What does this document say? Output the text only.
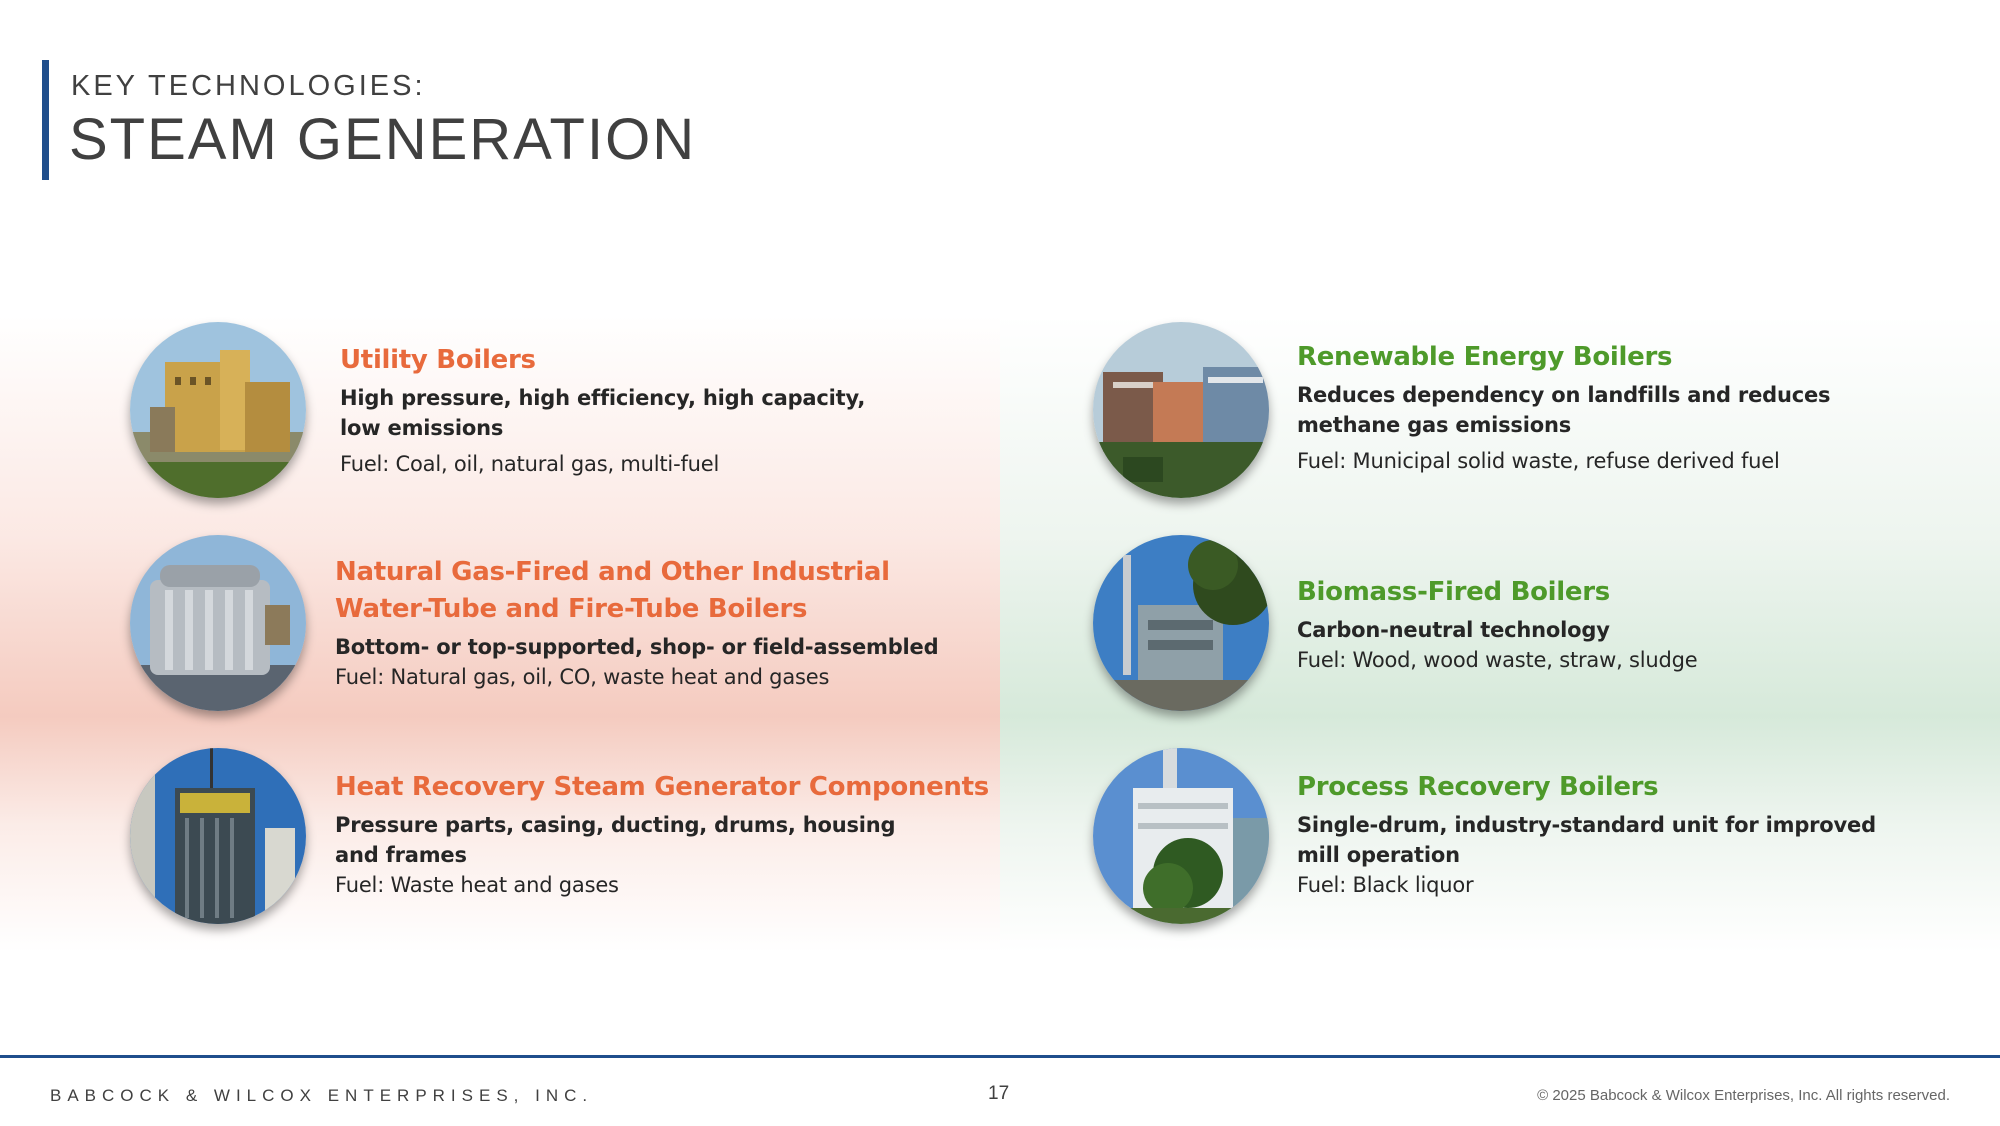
KEY TECHNOLOGIES:
STEAM GENERATION
Utility Boilers
High pressure, high efficiency, high capacity,
low emissions
Fuel: Coal, oil, natural gas, multi-fuel
Natural Gas-Fired and Other Industrial
Water-Tube and Fire-Tube Boilers
Bottom- or top-supported, shop- or field-assembled
Fuel: Natural gas, oil, CO, waste heat and gases
Heat Recovery Steam Generator Components
Pressure parts, casing, ducting, drums, housing
and frames
Fuel: Waste heat and gases
Renewable Energy Boilers
Reduces dependency on landfills and reduces
methane gas emissions
Fuel: Municipal solid waste, refuse derived fuel
Biomass-Fired Boilers
Carbon-neutral technology
Fuel: Wood, wood waste, straw, sludge
Process Recovery Boilers
Single-drum, industry-standard unit for improved
mill operation
Fuel: Black liquor
BABCOCK & WILCOX ENTERPRISES, INC.	17	© 2025 Babcock & Wilcox Enterprises, Inc. All rights reserved.
